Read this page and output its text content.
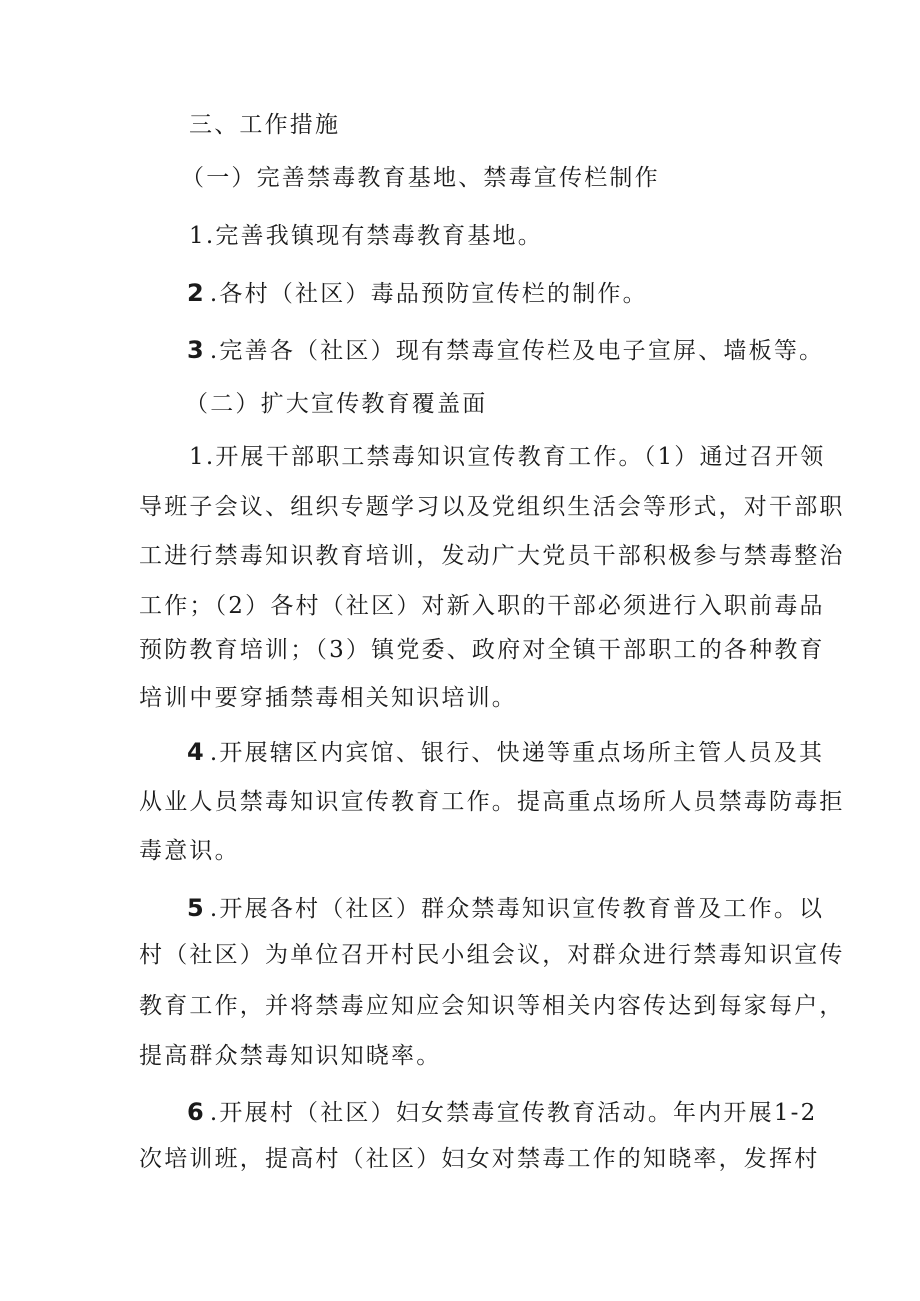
三、工作措施
（一）完善禁毒教育基地、禁毒宣传栏制作
1.完善我镇现有禁毒教育基地。
2 .各村（社区）毒品预防宣传栏的制作。
3 .完善各（社区）现有禁毒宣传栏及电子宣屏、墙板等。
（二）扩大宣传教育覆盖面
1.开展干部职工禁毒知识宣传教育工作。（1）通过召开领
导班子会议、组织专题学习以及党组织生活会等形式，对干部职
工进行禁毒知识教育培训，发动广大党员干部积极参与禁毒整治
工作；（2）各村（社区）对新入职的干部必须进行入职前毒品
预防教育培训；（3）镇党委、政府对全镇干部职工的各种教育
培训中要穿插禁毒相关知识培训。
4 .开展辖区内宾馆、银行、快递等重点场所主管人员及其
从业人员禁毒知识宣传教育工作。提高重点场所人员禁毒防毒拒
毒意识。
5 .开展各村（社区）群众禁毒知识宣传教育普及工作。以
村（社区）为单位召开村民小组会议，对群众进行禁毒知识宣传
教育工作，并将禁毒应知应会知识等相关内容传达到每家每户，
提高群众禁毒知识知晓率。
6 .开展村（社区）妇女禁毒宣传教育活动。年内开展1-2
次培训班，提高村（社区）妇女对禁毒工作的知晓率，发挥村
